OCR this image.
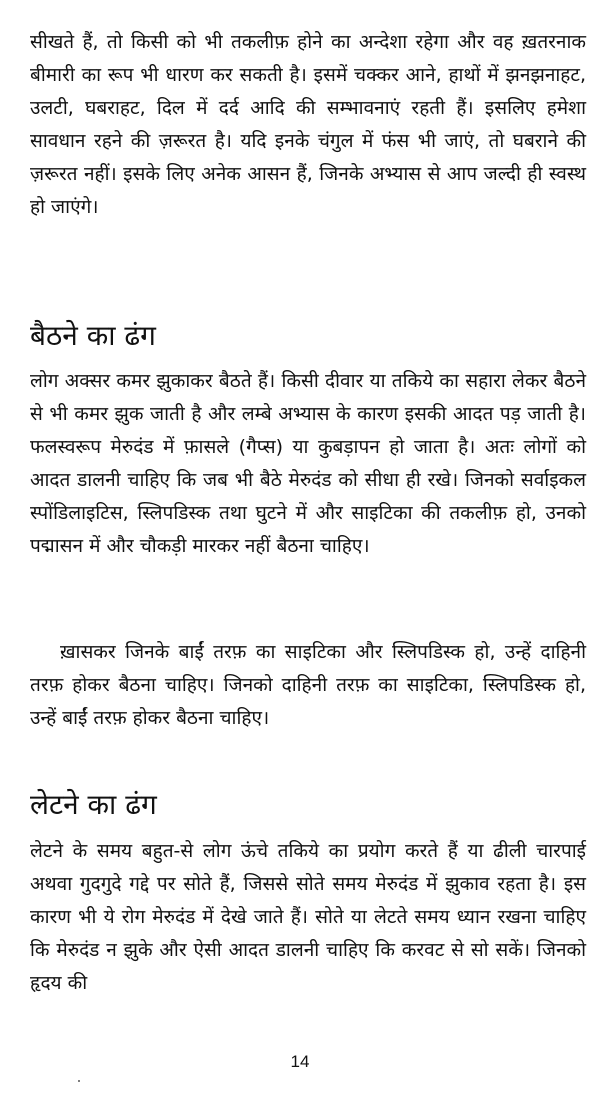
सीखते हैं, तो किसी को भी तकलीफ़ होने का अन्देशा रहेगा और वह ख़तरनाक बीमारी का रूप भी धारण कर सकती है। इसमें चक्कर आने, हाथों में झनझनाहट, उलटी, घबराहट, दिल में दर्द आदि की सम्भावनाएं रहती हैं। इसलिए हमेशा सावधान रहने की ज़रूरत है। यदि इनके चंगुल में फंस भी जाएं, तो घबराने की ज़रूरत नहीं। इसके लिए अनेक आसन हैं, जिनके अभ्यास से आप जल्दी ही स्वस्थ हो जाएंगे।

बैठने का ढंग

लोग अक्सर कमर झुकाकर बैठते हैं। किसी दीवार या तकिये का सहारा लेकर बैठने से भी कमर झुक जाती है और लम्बे अभ्यास के कारण इसकी आदत पड़ जाती है। फलस्वरूप मेरुदंड में फ़ासले (गैप्स) या कुबड़ापन हो जाता है। अतः लोगों को आदत डालनी चाहिए कि जब भी बैठे मेरुदंड को सीधा ही रखे। जिनको सर्वाइकल स्पोंडिलाइटिस, स्लिपडिस्क तथा घुटने में और साइटिका की तकलीफ़ हो, उनको पद्मासन में और चौकड़ी मारकर नहीं बैठना चाहिए।

ख़ासकर जिनके बाईं तरफ़ का साइटिका और स्लिपडिस्क हो, उन्हें दाहिनी तरफ़ होकर बैठना चाहिए। जिनको दाहिनी तरफ़ का साइटिका, स्लिपडिस्क हो, उन्हें बाईं तरफ़ होकर बैठना चाहिए।

लेटने का ढंग

लेटने के समय बहुत-से लोग ऊंचे तकिये का प्रयोग करते हैं या ढीली चारपाई अथवा गुदगुदे गद्दे पर सोते हैं, जिससे सोते समय मेरुदंड में झुकाव रहता है। इस कारण भी ये रोग मेरुदंड में देखे जाते हैं। सोते या लेटते समय ध्यान रखना चाहिए कि मेरुदंड न झुके और ऐसी आदत डालनी चाहिए कि करवट से सो सकें। जिनको हृदय की

14
